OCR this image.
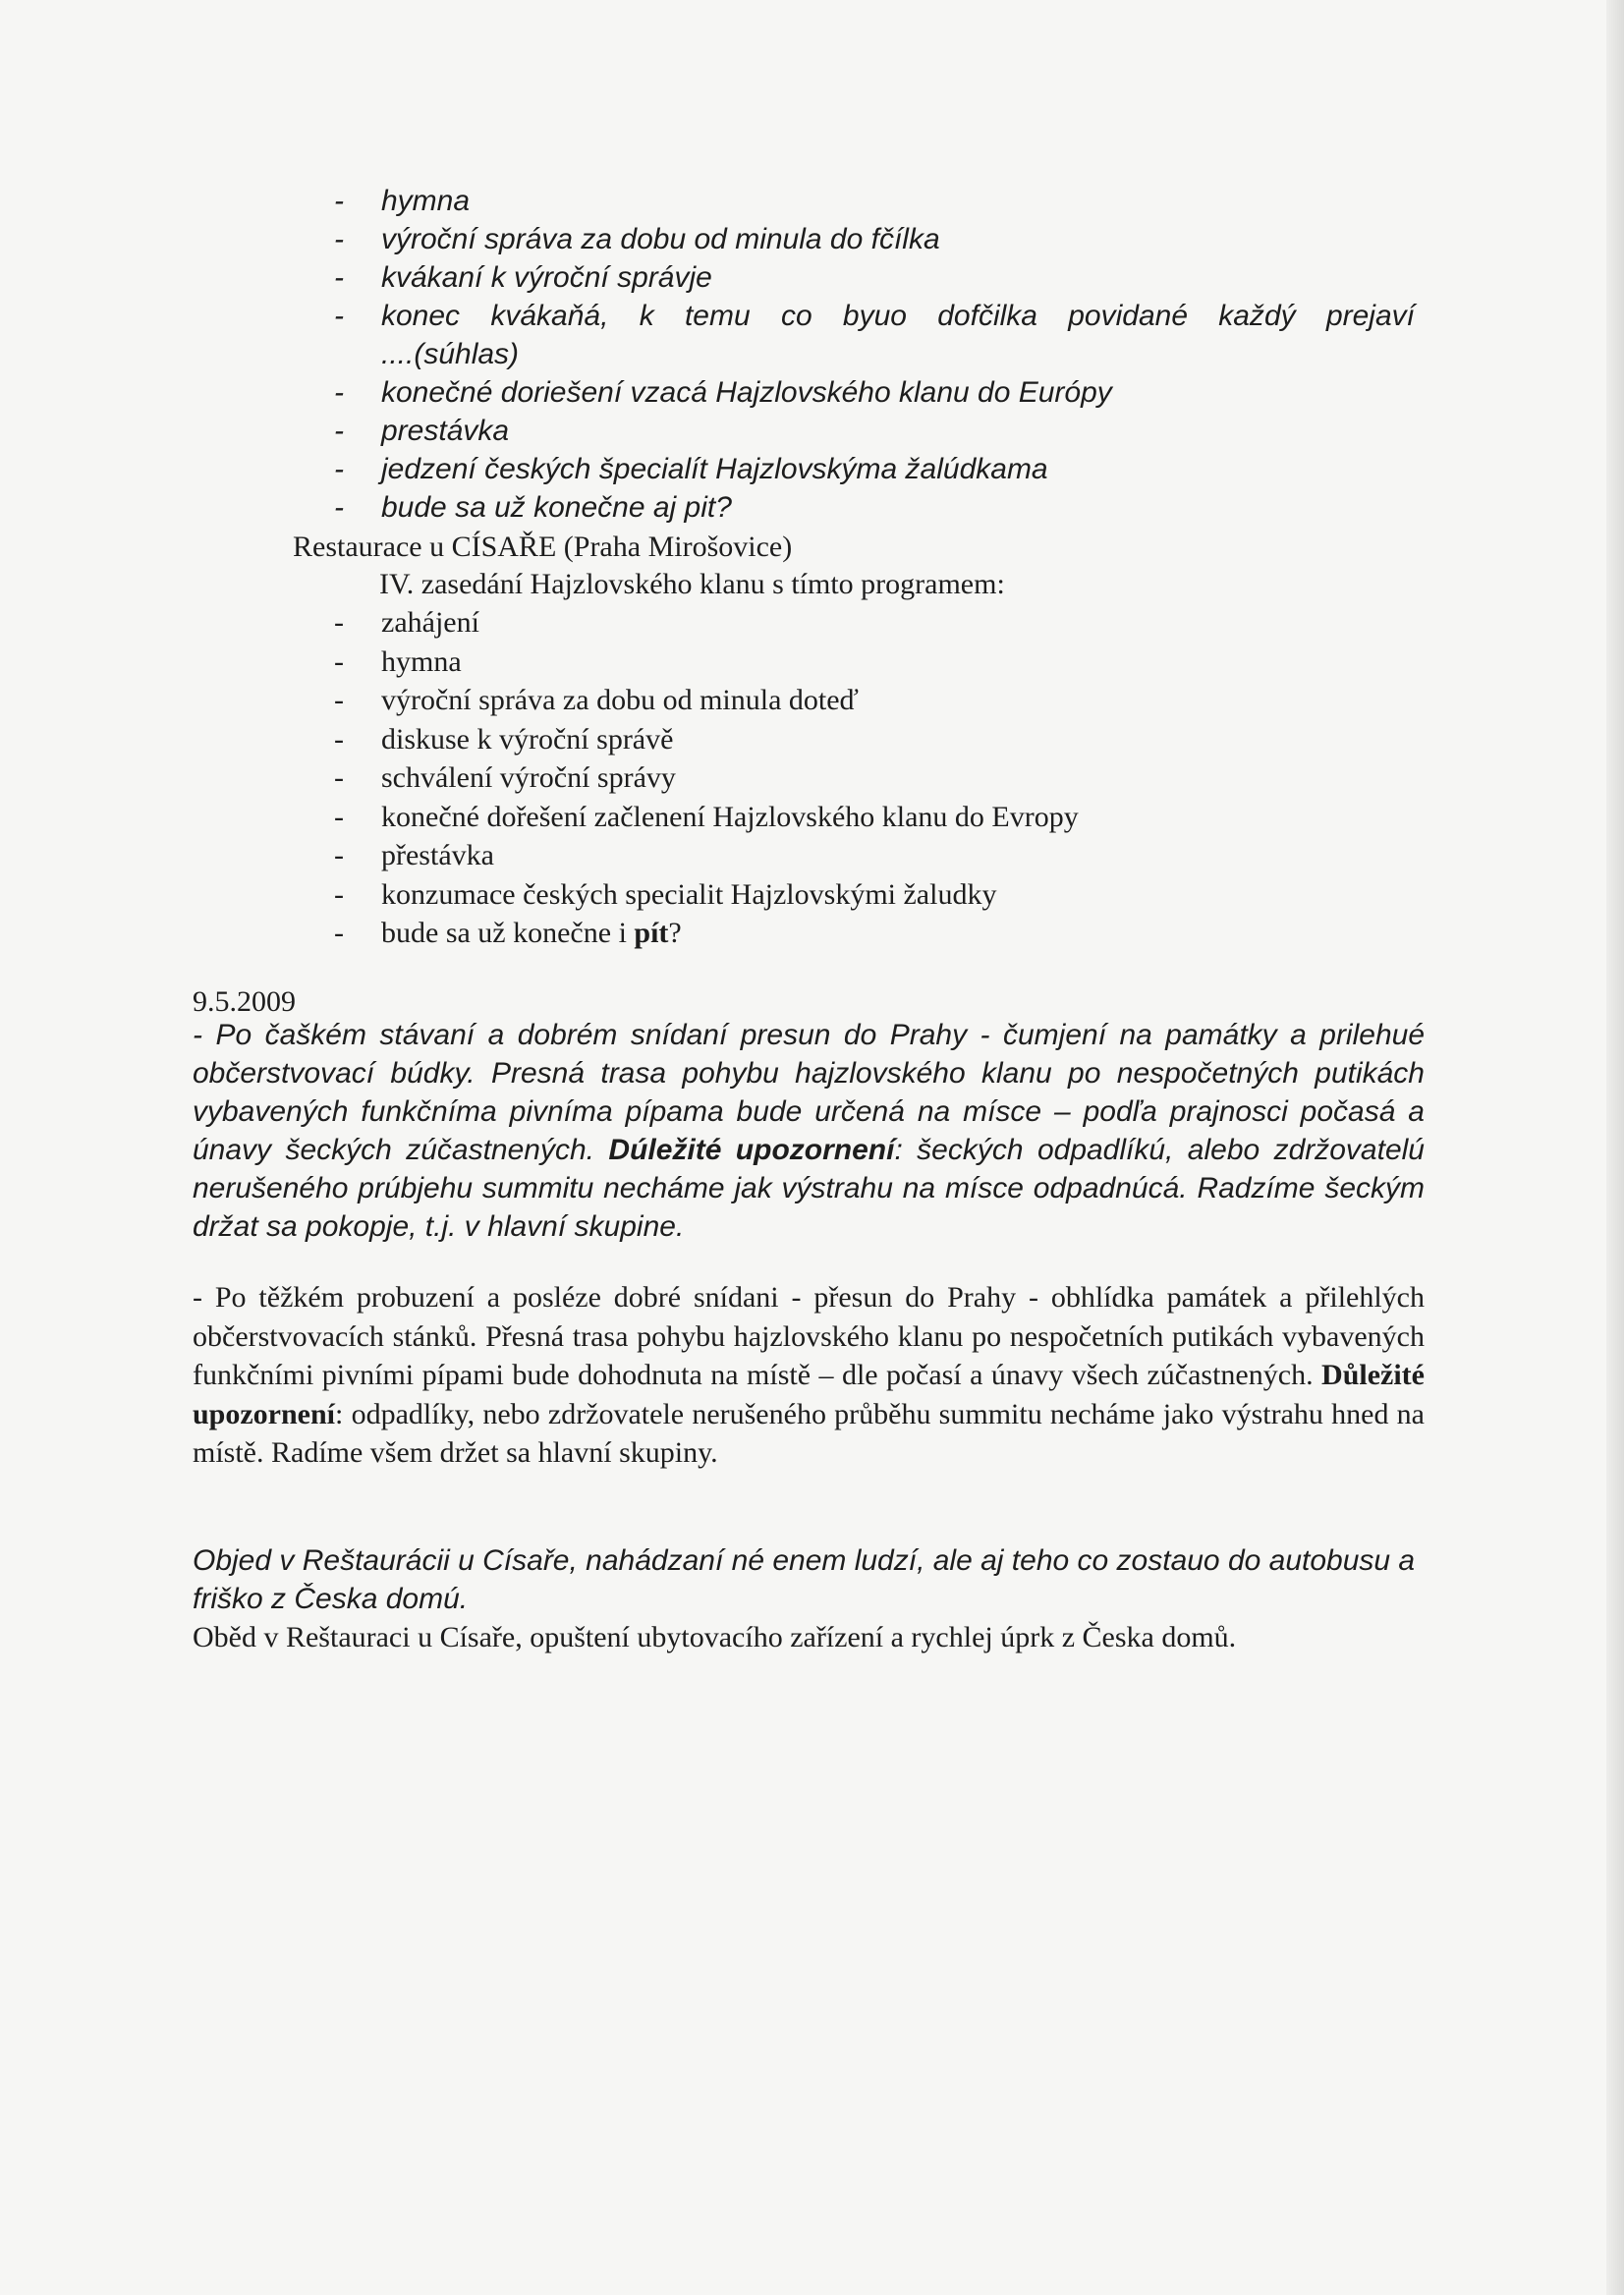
- hymna
- výroční správa za dobu od minula do fčílka
- kvákaní k výroční správje
- konec kvákaňá, k temu co byuo dofčilka povidané každý prejaví
....(súhlas)
- konečné doriešení vzacá Hajzlovského klanu do Európy
- prestávka
- jedzení českých špecialít Hajzlovskýma žalúdkama
- bude sa už konečne aj pit?
Restaurace u CÍSAŘE (Praha Mirošovice)
IV. zasedání Hajzlovského klanu s tímto programem:
- zahájení
- hymna
- výroční správa za dobu od minula doteď
- diskuse k výroční správě
- schválení výroční správy
- konečné dořešení začlenení Hajzlovského klanu do Evropy
- přestávka
- konzumace českých specialit Hajzlovskými žaludky
- bude sa už konečne i pít?
9.5.2009

- Po čaškém stávaní a dobrém snídaní presun do Prahy - čumjení na památky a prilehué občerstvovací búdky. Presná trasa pohybu hajzlovského klanu po nespočetných putikách vybavených funkčníma pivníma pípama bude určená na mísce – podľa prajnosci počasá a únavy šeckých zúčastnených. Dúležité upozornení: šeckých odpadlíkú, alebo zdržovatelú nerušeného prúbjehu summitu necháme jak výstrahu na mísce odpadnúcá. Radzíme šeckým držat sa pokopje, t.j. v hlavní skupine.

- Po těžkém probuzení a posléze dobré snídani - přesun do Prahy - obhlídka památek a přilehlých občerstvovacích stánků. Přesná trasa pohybu hajzlovského klanu po nespočetních putikách vybavených funkčními pivními pípami bude dohodnuta na místě – dle počasí a únavy všech zúčastnených. Důležité upozornení: odpadlíky, nebo zdržovatele nerušeného průběhu summitu necháme jako výstrahu hned na místě. Radíme všem držet sa hlavní skupiny.

Objed v Reštaurácii u Císaře, nahádzaní né enem ludzí, ale aj teho co zostauo do autobusu a friško z Česka domú.

Oběd v Reštauraci u Císaře, opuštení ubytovacího zařízení a rychlej úprk z Česka domů.
